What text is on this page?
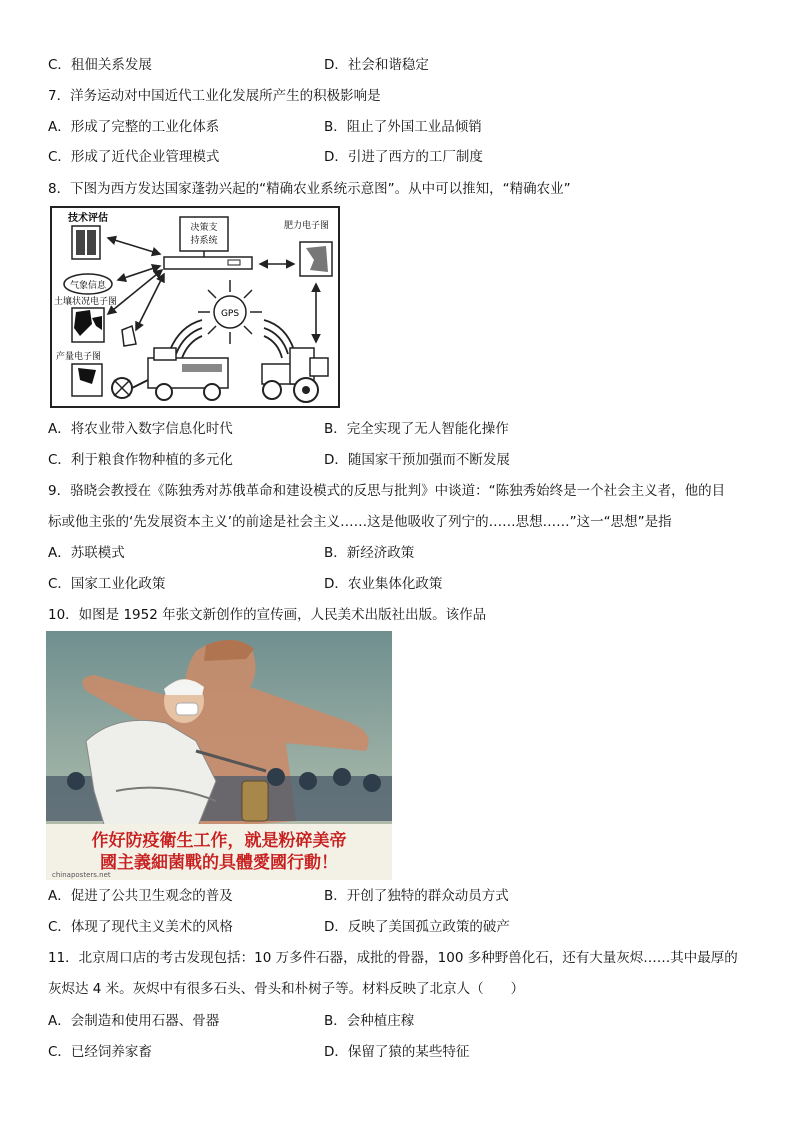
C．租佃关系发展	D．社会和谐稳定
7．洋务运动对中国近代工业化发展所产生的积极影响是
A．形成了完整的工业化体系	B．阻止了外国工业品倾销
C．形成了近代企业管理模式	D．引进了西方的工厂制度
8．下图为西方发达国家蓬勃兴起的“精确农业系统示意图”。从中可以推知，“精确农业”
技术评估
决策支
持系统
肥力电子图
气象信息
土壤状况电子图
GPS
产量电子图
A．将农业带入数字信息化时代	B．完全实现了无人智能化操作
C．利于粮食作物种植的多元化	D．随国家干预加强而不断发展
9．骆晓会教授在《陈独秀对苏俄革命和建设模式的反思与批判》中谈道：“陈独秀始终是一个社会主义者，他的目
标或他主张的‘先发展资本主义’的前途是社会主义……这是他吸收了列宁的……思想……”这一“思想”是指
A．苏联模式	B．新经济政策
C．国家工业化政策	D．农业集体化政策
10．如图是 1952 年张文新创作的宣传画，人民美术出版社出版。该作品
作好防疫衛生工作，就是粉碎美帝
國主義細菌戰的具體愛國行動！
chinaposters.net
A．促进了公共卫生观念的普及	B．开创了独特的群众动员方式
C．体现了现代主义美术的风格	D．反映了美国孤立政策的破产
11．北京周口店的考古发现包括：10 万多件石器，成批的骨器，100 多种野兽化石，还有大量灰烬……其中最厚的
灰烬达 4 米。灰烬中有很多石头、骨头和朴树子等。材料反映了北京人（　　）
A．会制造和使用石器、骨器	B．会种植庄稼
C．已经饲养家畜	D．保留了猿的某些特征
